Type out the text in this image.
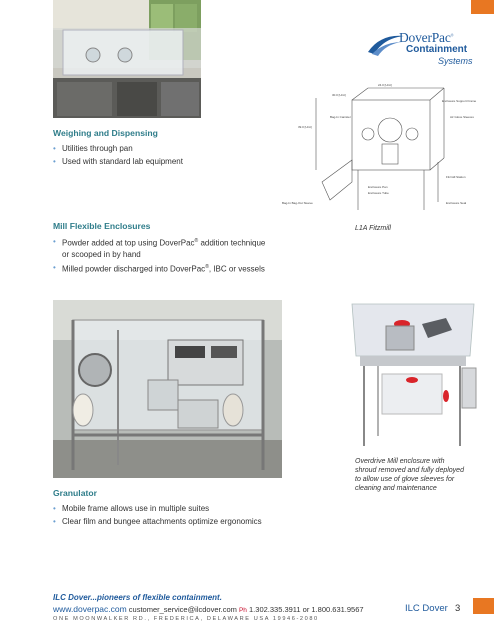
DoverPac®
Containment
Systems
24.0 [Unit]
30.0 [Unit]
39.0 [Unit]
Enclosure Support Frame
Air Glove Sleeves
Bag-In Canister
Fitzmill Station
Enclosure Pan
Bag-In Bag-Out Sleeve	Enclosure Seal
Enclosure Tube
Weighing and Dispensing
• Utilities through pan
• Used with standard lab equipment
L1A Fitzmill
Mill Flexible Enclosures
• Powder added at top using DoverPac® addition technique
or scooped in by hand
• Milled powder discharged into DoverPac®, IBC or vessels
Overdrive Mill enclosure with
shroud removed and fully deployed
to allow use of glove sleeves for
cleaning and maintenance
Granulator
• Mobile frame allows use in multiple suites
• Clear film and bungee attachments optimize ergonomics
ILC Dover...pioneers of flexible containment.
www.doverpac.com customer_service@ilcdover.com Ph 1.302.335.3911 or 1.800.631.9567
ONE MOONWALKER RD., FREDERICA, DELAWARE USA 19946-2080
ILC Dover 3
